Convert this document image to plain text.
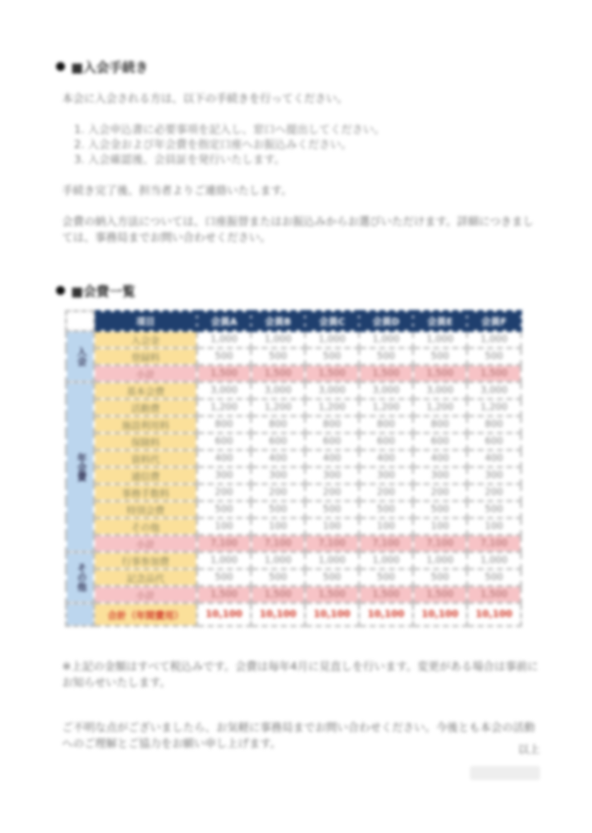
■入会手続き
本会に入会される方は、以下の手続きを行ってください。
1. 入会申込書に必要事項を記入し、窓口へ提出してください。
2. 入会金および年会費を指定口座へお振込みください。
3. 入会確認後、会員証を発行いたします。
手続き完了後、担当者よりご連絡いたします。
会費の納入方法については、口座振替またはお振込みからお選びいただけます。詳細につきましては、事務局までお問い合わせください。
■会費一覧
	項目	会員A	会員B	会員C	会員D	会員E	会員F
入会	入会金	1,000	1,000	1,000	1,000	1,000	1,000
	登録料	500	500	500	500	500	500
	小計	1,500	1,500	1,500	1,500	1,500	1,500
年会費	基本会費	3,000	3,000	3,000	3,000	3,000	3,000
	活動費	1,200	1,200	1,200	1,200	1,200	1,200
	施設利用料	800	800	800	800	800	800
	保険料	600	600	600	600	600	600
	資料代	400	400	400	400	400	400
	通信費	300	300	300	300	300	300
	事務手数料	200	200	200	200	200	200
	特別会費	500	500	500	500	500	500
	その他	100	100	100	100	100	100
	小計	7,100	7,100	7,100	7,100	7,100	7,100
その他	行事参加費	1,000	1,000	1,000	1,000	1,000	1,000
	記念品代	500	500	500	500	500	500
	小計	1,500	1,500	1,500	1,500	1,500	1,500
	合計（年間費用）	10,100	10,100	10,100	10,100	10,100	10,100
※上記の金額はすべて税込みです。会費は毎年4月に見直しを行います。変更がある場合は事前にお知らせいたします。
ご不明な点がございましたら、お気軽に事務局までお問い合わせください。今後とも本会の活動へのご理解とご協力をお願い申し上げます。	以上
